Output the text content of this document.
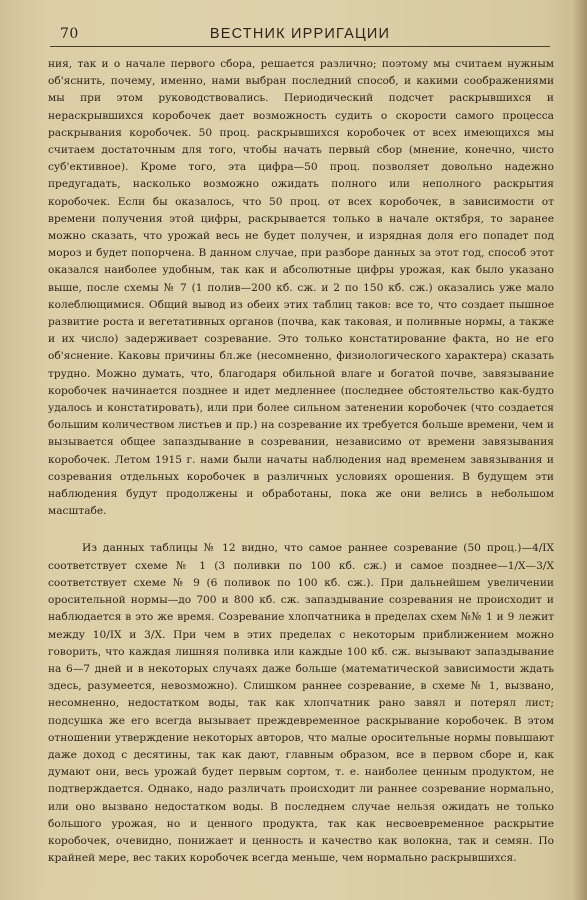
70	ВЕСТНИК ИРРИГАЦИИ

ния, так и о начале первого сбора, решается различно; поэтому мы считаем нужным об'яснить, почему, именно, нами выбран последний способ, и какими соображениями мы при этом руководствовались. Периодический подсчет раскрывшихся и нераскрывшихся коробочек дает возможность судить о скорости самого процесса раскрывания коробочек. 50 проц. раскрывшихся коробочек от всех имеющихся мы считаем достаточным для того, чтобы начать первый сбор (мнение, конечно, чисто суб'ективное). Кроме того, эта цифра—50 проц. позволяет довольно надежно предугадать, насколько возможно ожидать полного или неполного раскрытия коробочек. Если бы оказалось, что 50 проц. от всех коробочек, в зависимости от времени получения этой цифры, раскрывается только в начале октября, то заранее можно сказать, что урожай весь не будет получен, и изрядная доля его попадет под мороз и будет попорчена. В данном случае, при разборе данных за этот год, способ этот оказался наиболее удобным, так как и абсолютные цифры урожая, как было указано выше, после схемы № 7 (1 полив—200 кб. сж. и 2 по 150 кб. сж.) оказались уже мало колеблющимися. Общий вывод из обеих этих таблиц таков: все то, что создает пышное развитие роста и вегетативных органов (почва, как таковая, и поливные нормы, а также и их число) задерживает созревание. Это только констатирование факта, но не его об'яснение. Каковы причины бл.же (несомненно, физиологического характера) сказать трудно. Можно думать, что, благодаря обильной влаге и богатой почве, завязывание коробочек начинается позднее и идет медленнее (последнее обстоятельство как-будто удалось и констатировать), или при более сильном затенении коробочек (что создается большим количеством листьев и пр.) на созревание их требуется больше времени, чем и вызывается общее запаздывание в созревании, независимо от времени завязывания коробочек. Летом 1915 г. нами были начаты наблюдения над временем завязывания и созревания отдельных коробочек в различных условиях орошения. В будущем эти наблюдения будут продолжены и обработаны, пока же они велись в небольшом масштабе.

Из данных таблицы № 12 видно, что самое раннее созревание (50 проц.)—4/IX соответствует схеме № 1 (3 поливки по 100 кб. сж.) и самое позднее—1/X—3/X соответствует схеме № 9 (6 поливок по 100 кб. сж.). При дальнейшем увеличении оросительной нормы—до 700 и 800 кб. сж. запаздывание созревания не происходит и наблюдается в это же время. Созревание хлопчатника в пределах схем №№ 1 и 9 лежит между 10/IX и 3/X. При чем в этих пределах с некоторым приближением можно говорить, что каждая лишняя поливка или каждые 100 кб. сж. вызывают запаздывание на 6—7 дней и в некоторых случаях даже больше (математической зависимости ждать здесь, разумеется, невозможно). Слишком раннее созревание, в схеме № 1, вызвано, несомненно, недостатком воды, так как хлопчатник рано завял и потерял лист; подсушка же его всегда вызывает преждевременное раскрывание коробочек. В этом отношении утверждение некоторых авторов, что малые оросительные нормы повышают даже доход с десятины, так как дают, главным образом, все в первом сборе и, как думают они, весь урожай будет первым сортом, т. е. наиболее ценным продуктом, не подтверждается. Однако, надо различать происходит ли раннее созревание нормально, или оно вызвано недостатком воды. В последнем случае нельзя ожидать не только большого урожая, но и ценного продукта, так как несвоевременное раскрытие коробочек, очевидно, понижает и ценность и качество как волокна, так и семян. По крайней мере, вес таких коробочек всегда меньше, чем нормально раскрывшихся.
